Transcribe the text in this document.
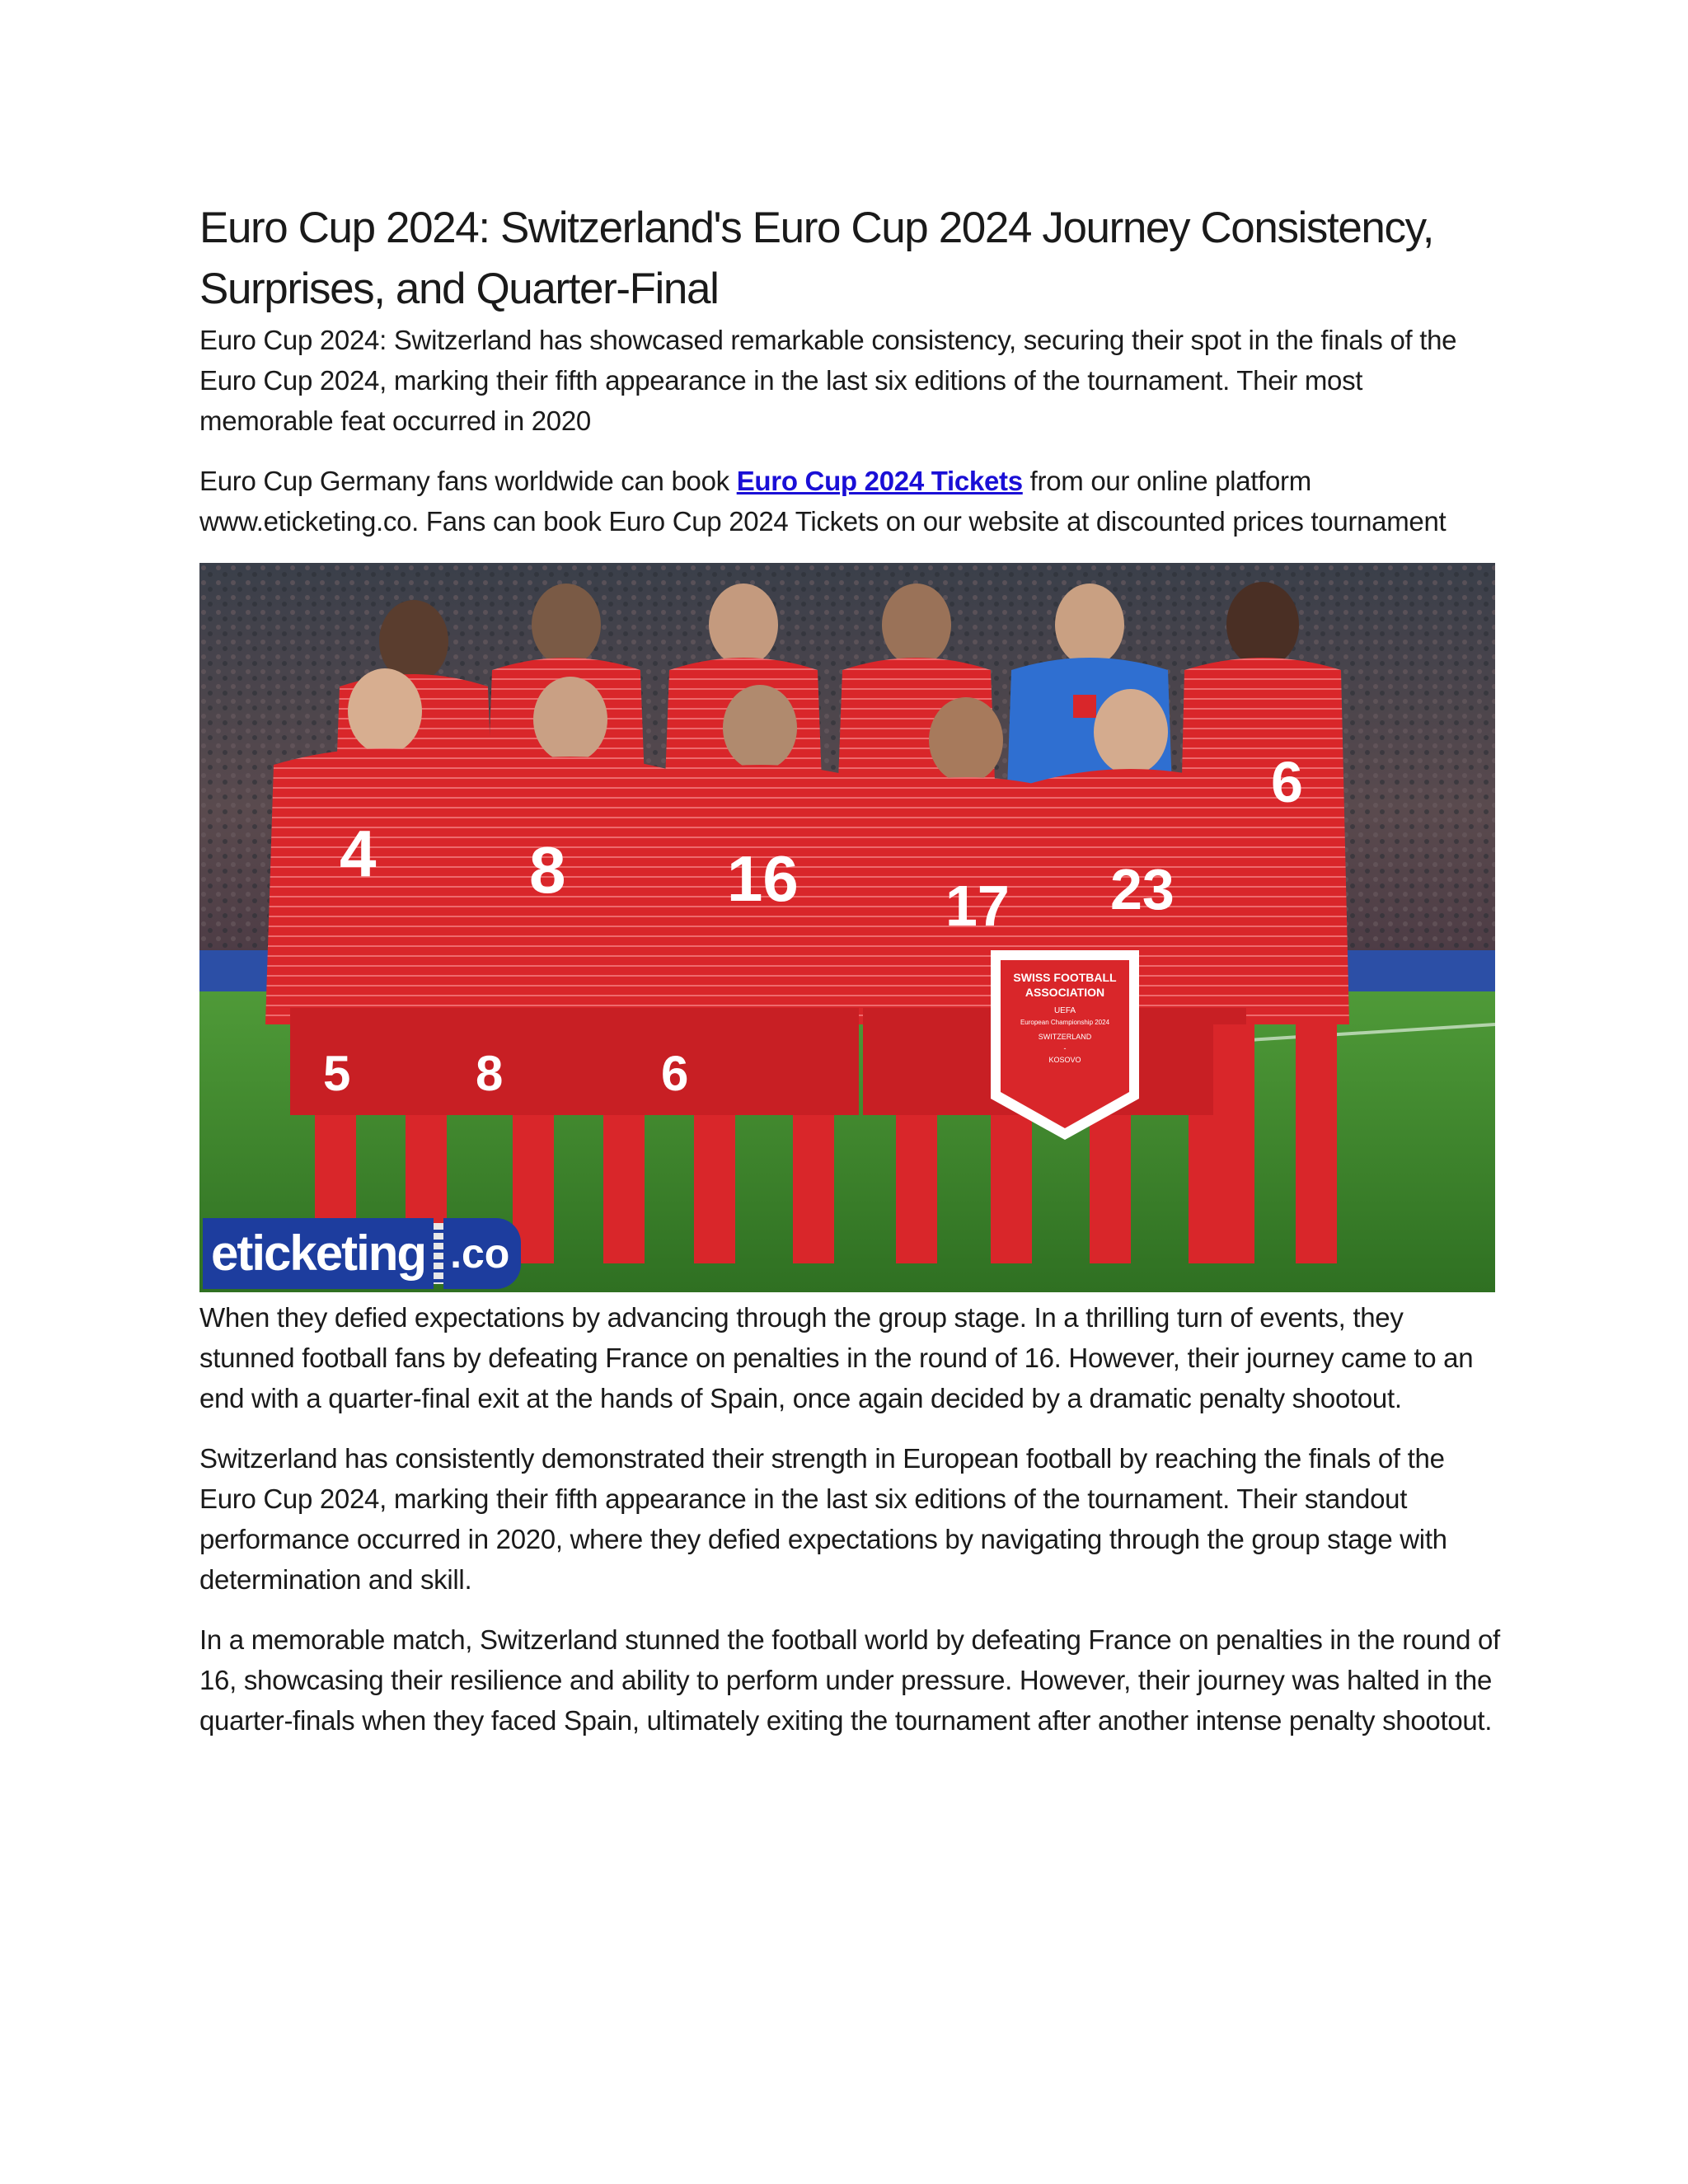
Euro Cup 2024: Switzerland's Euro Cup 2024 Journey Consistency, Surprises, and Quarter-Final

Euro Cup 2024: Switzerland has showcased remarkable consistency, securing their spot in the finals of the Euro Cup 2024, marking their fifth appearance in the last six editions of the tournament. Their most memorable feat occurred in 2020

Euro Cup Germany fans worldwide can book Euro Cup 2024 Tickets from our online platform www.eticketing.co. Fans can book Euro Cup 2024 Tickets on our website at discounted prices tournament

6
4 8	16	17 23
5	8	6
SWISS FOOTBALL
ASSOCIATION
UEFA
European Championship 2024
SWITZERLAND
-
KOSOVO
eticketing .co

When they defied expectations by advancing through the group stage. In a thrilling turn of events, they stunned football fans by defeating France on penalties in the round of 16. However, their journey came to an end with a quarter-final exit at the hands of Spain, once again decided by a dramatic penalty shootout.

Switzerland has consistently demonstrated their strength in European football by reaching the finals of the Euro Cup 2024, marking their fifth appearance in the last six editions of the tournament. Their standout performance occurred in 2020, where they defied expectations by navigating through the group stage with determination and skill.

In a memorable match, Switzerland stunned the football world by defeating France on penalties in the round of 16, showcasing their resilience and ability to perform under pressure. However, their journey was halted in the quarter-finals when they faced Spain, ultimately exiting the tournament after another intense penalty shootout.
